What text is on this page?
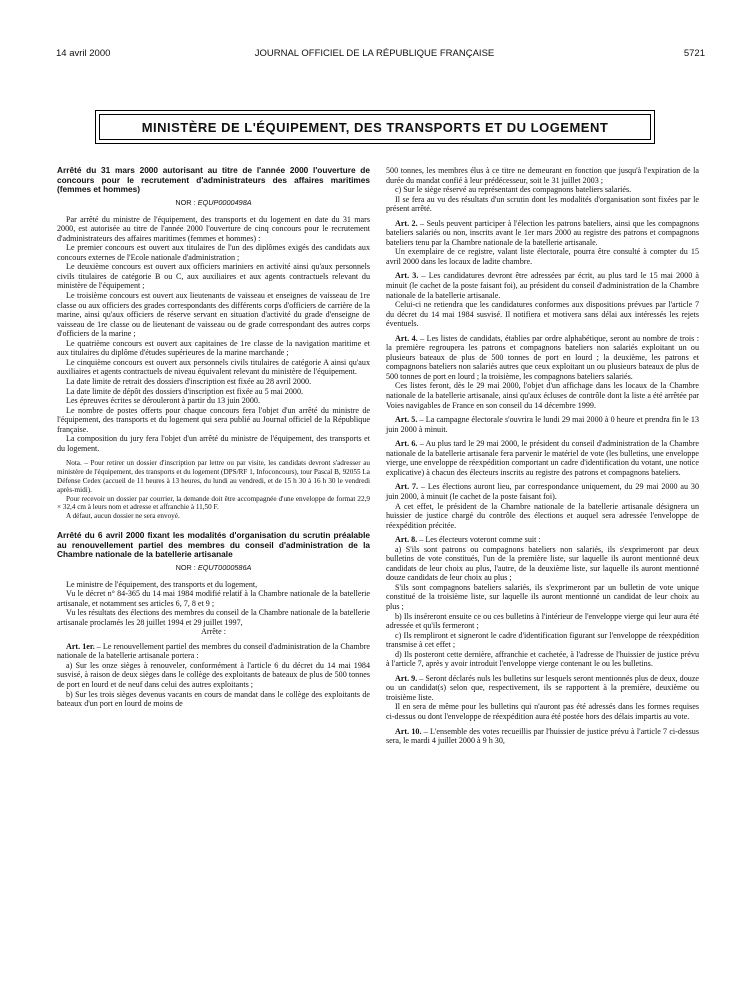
14 avril 2000	JOURNAL OFFICIEL DE LA RÉPUBLIQUE FRANÇAISE	5721
MINISTÈRE DE L'ÉQUIPEMENT, DES TRANSPORTS ET DU LOGEMENT

Arrêté du 31 mars 2000 autorisant au titre de l'année 2000 l'ouverture de concours pour le recrutement d'administrateurs des affaires maritimes (femmes et hommes)

NOR : EQUP0000498A

Par arrêté du ministre de l'équipement, des transports et du logement en date du 31 mars 2000, est autorisée au titre de l'année 2000 l'ouverture de cinq concours pour le recrutement d'administrateurs des affaires maritimes (femmes et hommes) :

Le premier concours est ouvert aux titulaires de l'un des diplômes exigés des candidats aux concours externes de l'Ecole nationale d'administration ;

Le deuxième concours est ouvert aux officiers mariniers en activité ainsi qu'aux personnels civils titulaires de catégorie B ou C, aux auxiliaires et aux agents contractuels relevant du ministère de l'équipement ;

Le troisième concours est ouvert aux lieutenants de vaisseau et enseignes de vaisseau de 1re classe ou aux officiers des grades correspondants des différents corps d'officiers de carrière de la marine, ainsi qu'aux officiers de réserve servant en situation d'activité du grade d'enseigne de vaisseau de 1re classe ou de lieutenant de vaisseau ou de grade correspondant des autres corps d'officiers de la marine ;

Le quatrième concours est ouvert aux capitaines de 1re classe de la navigation maritime et aux titulaires du diplôme d'études supérieures de la marine marchande ;

Le cinquième concours est ouvert aux personnels civils titulaires de catégorie A ainsi qu'aux auxiliaires et agents contractuels de niveau équivalent relevant du ministère de l'équipement.

La date limite de retrait des dossiers d'inscription est fixée au 28 avril 2000.

La date limite de dépôt des dossiers d'inscription est fixée au 5 mai 2000.

Les épreuves écrites se dérouleront à partir du 13 juin 2000.

Le nombre de postes offerts pour chaque concours fera l'objet d'un arrêté du ministre de l'équipement, des transports et du logement qui sera publié au Journal officiel de la République française.

La composition du jury fera l'objet d'un arrêté du ministre de l'équipement, des transports et du logement.

Nota. – Pour retirer un dossier d'inscription par lettre ou par visite, les candidats devront s'adresser au ministère de l'équipement, des transports et du logement (DPS/RF 1, Infoconcours), tour Pascal B, 92055 La Défense Cedex (accueil de 11 heures à 13 heures, du lundi au vendredi, et de 15 h 30 à 16 h 30 le vendredi après-midi).

Pour recevoir un dossier par courrier, la demande doit être accompagnée d'une enveloppe de format 22,9 × 32,4 cm à leurs nom et adresse et affranchie à 11,50 F.

A défaut, aucun dossier ne sera envoyé.

Arrêté du 6 avril 2000 fixant les modalités d'organisation du scrutin préalable au renouvellement partiel des membres du conseil d'administration de la Chambre nationale de la batellerie artisanale

NOR : EQUT0000586A

Le ministre de l'équipement, des transports et du logement,

Vu le décret n° 84-365 du 14 mai 1984 modifié relatif à la Chambre nationale de la batellerie artisanale, et notamment ses articles 6, 7, 8 et 9 ;

Vu les résultats des élections des membres du conseil de la Chambre nationale de la batellerie artisanale proclamés les 28 juillet 1994 et 29 juillet 1997,

Arrête :

Art. 1er. – Le renouvellement partiel des membres du conseil d'administration de la Chambre nationale de la batellerie artisanale portera :

a) Sur les onze sièges à renouveler, conformément à l'article 6 du décret du 14 mai 1984 susvisé, à raison de deux sièges dans le collège des exploitants de bateaux de plus de 500 tonnes de port en lourd et de neuf dans celui des autres exploitants ;

b) Sur les trois sièges devenus vacants en cours de mandat dans le collège des exploitants de bateaux d'un port en lourd de moins de

500 tonnes, les membres élus à ce titre ne demeurant en fonction que jusqu'à l'expiration de la durée du mandat confié à leur prédécesseur, soit le 31 juillet 2003 ;

c) Sur le siège réservé au représentant des compagnons bateliers salariés.

Il se fera au vu des résultats d'un scrutin dont les modalités d'organisation sont fixées par le présent arrêté.

Art. 2. – Seuls peuvent participer à l'élection les patrons bateliers, ainsi que les compagnons bateliers salariés ou non, inscrits avant le 1er mars 2000 au registre des patrons et compagnons bateliers tenu par la Chambre nationale de la batellerie artisanale.

Un exemplaire de ce registre, valant liste électorale, pourra être consulté à compter du 15 avril 2000 dans les locaux de ladite chambre.

Art. 3. – Les candidatures devront être adressées par écrit, au plus tard le 15 mai 2000 à minuit (le cachet de la poste faisant foi), au président du conseil d'administration de la Chambre nationale de la batellerie artisanale.

Celui-ci ne retiendra que les candidatures conformes aux dispositions prévues par l'article 7 du décret du 14 mai 1984 susvisé. Il notifiera et motivera sans délai aux intéressés les rejets éventuels.

Art. 4. – Les listes de candidats, établies par ordre alphabétique, seront au nombre de trois : la première regroupera les patrons et compagnons bateliers non salariés exploitant un ou plusieurs bateaux de plus de 500 tonnes de port en lourd ; la deuxième, les patrons et compagnons bateliers non salariés autres que ceux exploitant un ou plusieurs bateaux de plus de 500 tonnes de port en lourd ; la troisième, les compagnons bateliers salariés.

Ces listes feront, dès le 29 mai 2000, l'objet d'un affichage dans les locaux de la Chambre nationale de la batellerie artisanale, ainsi qu'aux écluses de contrôle dont la liste a été arrêtée par Voies navigables de France en son conseil du 14 décembre 1999.

Art. 5. – La campagne électorale s'ouvrira le lundi 29 mai 2000 à 0 heure et prendra fin le 13 juin 2000 à minuit.

Art. 6. – Au plus tard le 29 mai 2000, le président du conseil d'administration de la Chambre nationale de la batellerie artisanale fera parvenir le matériel de vote (les bulletins, une enveloppe vierge, une enveloppe de réexpédition comportant un cadre d'identification du votant, une notice explicative) à chacun des électeurs inscrits au registre des patrons et compagnons bateliers.

Art. 7. – Les élections auront lieu, par correspondance uniquement, du 29 mai 2000 au 30 juin 2000, à minuit (le cachet de la poste faisant foi).

A cet effet, le président de la Chambre nationale de la batellerie artisanale désignera un huissier de justice chargé du contrôle des élections et auquel sera adressée l'enveloppe de réexpédition précitée.

Art. 8. – Les électeurs voteront comme suit :

a) S'ils sont patrons ou compagnons bateliers non salariés, ils s'exprimeront par deux bulletins de vote constitués, l'un de la première liste, sur laquelle ils auront mentionné deux candidats de leur choix au plus, l'autre, de la deuxième liste, sur laquelle ils auront mentionné douze candidats de leur choix au plus ;

S'ils sont compagnons bateliers salariés, ils s'exprimeront par un bulletin de vote unique constitué de la troisième liste, sur laquelle ils auront mentionné un candidat de leur choix au plus ;

b) Ils inséreront ensuite ce ou ces bulletins à l'intérieur de l'enveloppe vierge qui leur aura été adressée et qu'ils fermeront ;

c) Ils rempliront et signeront le cadre d'identification figurant sur l'enveloppe de réexpédition transmise à cet effet ;

d) Ils posteront cette dernière, affranchie et cachetée, à l'adresse de l'huissier de justice prévu à l'article 7, après y avoir introduit l'enveloppe vierge contenant le ou les bulletins.

Art. 9. – Seront déclarés nuls les bulletins sur lesquels seront mentionnés plus de deux, douze ou un candidat(s) selon que, respectivement, ils se rapportent à la première, deuxième ou troisième liste.

Il en sera de même pour les bulletins qui n'auront pas été adressés dans les formes requises ci-dessus ou dont l'enveloppe de réexpédition aura été postée hors des délais impartis au vote.

Art. 10. – L'ensemble des votes recueillis par l'huissier de justice prévu à l'article 7 ci-dessus sera, le mardi 4 juillet 2000 à 9 h 30,
